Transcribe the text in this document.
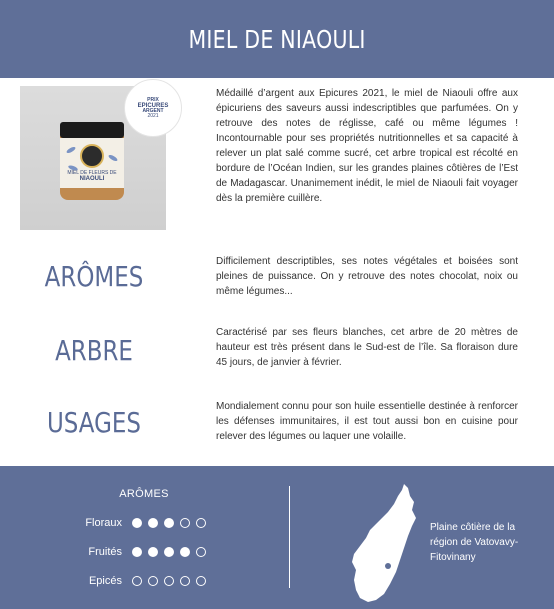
MIEL DE NIAOULI
MIEL DE FLEURS DE
NIAOULI
PRIX
EPICURES
ARGENT
2021

Médaillé d’argent aux Epicures 2021, le miel de Niaouli offre aux épicuriens des saveurs aussi indescriptibles que parfumées. On y retrouve des notes de réglisse, café ou même légumes ! Incontournable pour ses propriétés nutritionnelles et sa capacité à relever un plat salé comme sucré, cet arbre tropical est récolté en bordure de l’Océan Indien, sur les grandes plaines côtières de l’Est de Madagascar. Unanimement inédit, le miel de Niaouli fait voyager dès la première cuillère.

ARÔMES	Difficilement descriptibles, ses notes végétales et boisées sont pleines de puissance. On y retrouve des notes chocolat, noix ou même légumes...

ARBRE

Caractérisé par ses fleurs blanches, cet arbre de 20 mètres de hauteur est très présent dans le Sud-est de l’île. Sa floraison dure 45 jours, de janvier à février.

USAGES	Mondialement connu pour son huile essentielle destinée à renforcer les défenses immunitaires, il est tout aussi bon en cuisine pour relever des légumes ou laquer une volaille.

ARÔMES
Floraux
Fruités
Epicés
Plaine côtière de la région de Vatovavy-Fitovinany
